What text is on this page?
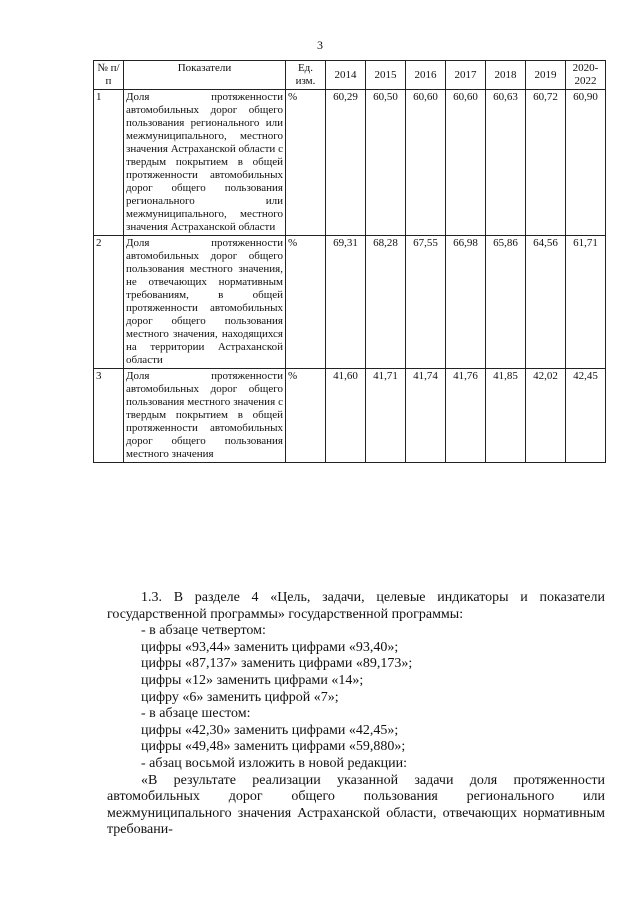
3
№ п/п	Показатели	Ед. изм.	2014	2015	2016	2017	2018	2019	2020-2022
1	Доля протяженности автомобильных дорог общего пользования регионального или межмуниципального, местного значения Астраханской области с твердым покрытием в общей протяженности автомобильных дорог общего пользования регионального или межмуниципального, местного значения Астраханской области	%	60,29	60,50	60,60	60,60	60,63	60,72	60,90
2	Доля протяженности автомобильных дорог общего пользования местного значения, не отвечающих нормативным требованиям, в общей протяженности автомобильных дорог общего пользования местного значения, находящихся на территории Астраханской области	%	69,31	68,28	67,55	66,98	65,86	64,56	61,71
3	Доля протяженности автомобильных дорог общего пользования местного значения с твердым покрытием в общей протяженности автомобильных дорог общего пользования местного значения	%	41,60	41,71	41,74	41,76	41,85	42,02	42,45

1.3. В разделе 4 «Цель, задачи, целевые индикаторы и показатели государственной программы» государственной программы:

- в абзаце четвертом:

цифры «93,44» заменить цифрами «93,40»;

цифры «87,137» заменить цифрами «89,173»;

цифры «12» заменить цифрами «14»;

цифру «6» заменить цифрой «7»;

- в абзаце шестом:

цифры «42,30» заменить цифрами «42,45»;

цифры «49,48» заменить цифрами «59,880»;

- абзац восьмой изложить в новой редакции:

«В результате реализации указанной задачи доля протяженности автомобильных дорог общего пользования регионального или межмуниципального значения Астраханской области, отвечающих нормативным требовани-
